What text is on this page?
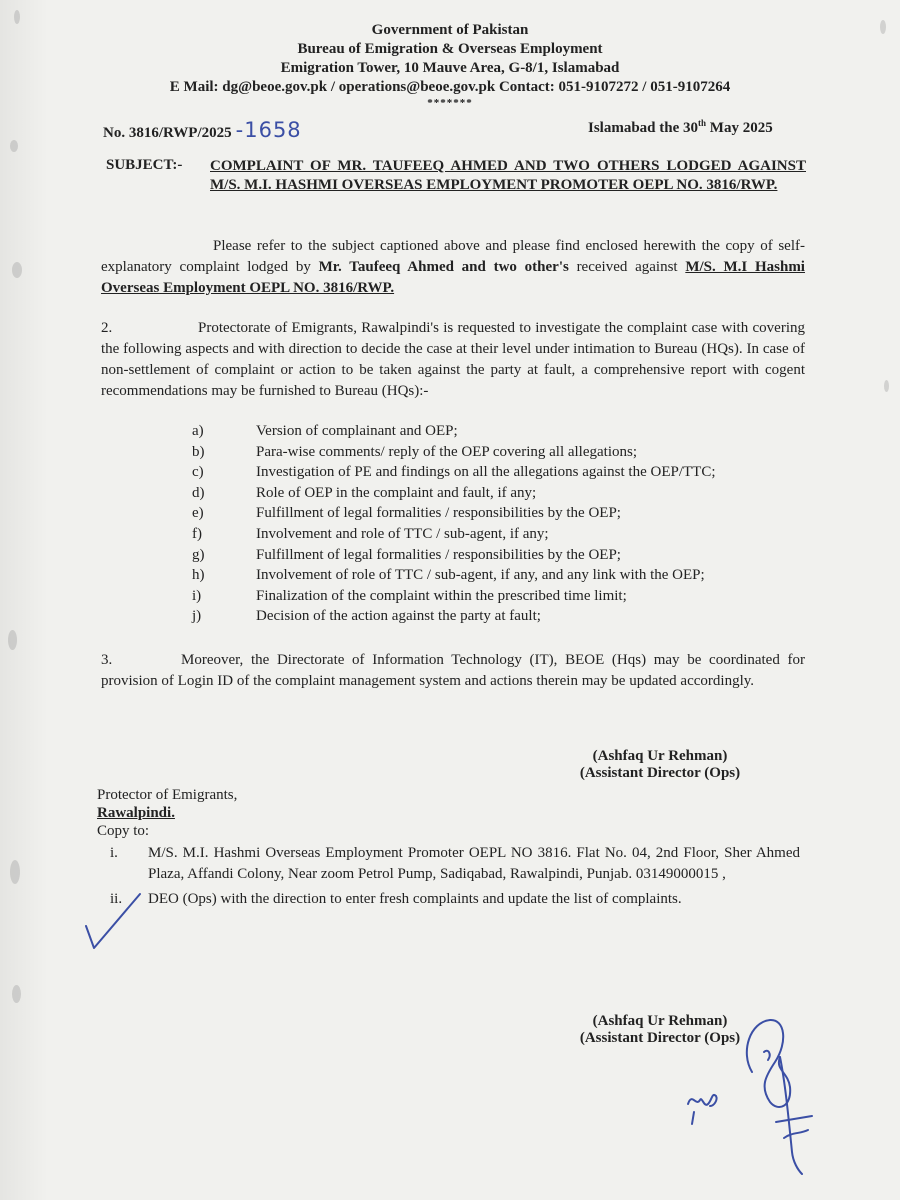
Government of Pakistan
Bureau of Emigration & Overseas Employment
Emigration Tower, 10 Mauve Area, G-8/1, Islamabad
E Mail: dg@beoe.gov.pk / operations@beoe.gov.pk Contact: 051-9107272 / 051-9107264
*******
No. 3816/RWP/2025 -1658	Islamabad the 30th May 2025
SUBJECT:- COMPLAINT OF MR. TAUFEEQ AHMED AND TWO OTHERS LODGED AGAINST M/S. M.I. HASHMI OVERSEAS EMPLOYMENT PROMOTER OEPL NO. 3816/RWP.
Please refer to the subject captioned above and please find enclosed herewith the copy of self-explanatory complaint lodged by Mr. Taufeeq Ahmed and two other's received against M/S. M.I Hashmi Overseas Employment OEPL NO. 3816/RWP.
2.	Protectorate of Emigrants, Rawalpindi's is requested to investigate the complaint case with covering the following aspects and with direction to decide the case at their level under intimation to Bureau (HQs). In case of non-settlement of complaint or action to be taken against the party at fault, a comprehensive report with cogent recommendations may be furnished to Bureau (HQs):-
a)	Version of complainant and OEP;
b)	Para-wise comments/ reply of the OEP covering all allegations;
c)	Investigation of PE and findings on all the allegations against the OEP/TTC;
d)	Role of OEP in the complaint and fault, if any;
e)	Fulfillment of legal formalities / responsibilities by the OEP;
f)	Involvement and role of TTC / sub-agent, if any;
g)	Fulfillment of legal formalities / responsibilities by the OEP;
h)	Involvement of role of TTC / sub-agent, if any, and any link with the OEP;
i)	Finalization of the complaint within the prescribed time limit;
j)	Decision of the action against the party at fault;
3.	Moreover, the Directorate of Information Technology (IT), BEOE (Hqs) may be coordinated for provision of Login ID of the complaint management system and actions therein may be updated accordingly.
(Ashfaq Ur Rehman)
(Assistant Director (Ops)
Protector of Emigrants,
Rawalpindi.
Copy to:
i. M/S. M.I. Hashmi Overseas Employment Promoter OEPL NO 3816. Flat No. 04, 2nd Floor, Sher Ahmed Plaza, Affandi Colony, Near zoom Petrol Pump, Sadiqabad, Rawalpindi, Punjab. 03149000015 ,
ii. DEO (Ops) with the direction to enter fresh complaints and update the list of complaints.
(Ashfaq Ur Rehman)
(Assistant Director (Ops)
